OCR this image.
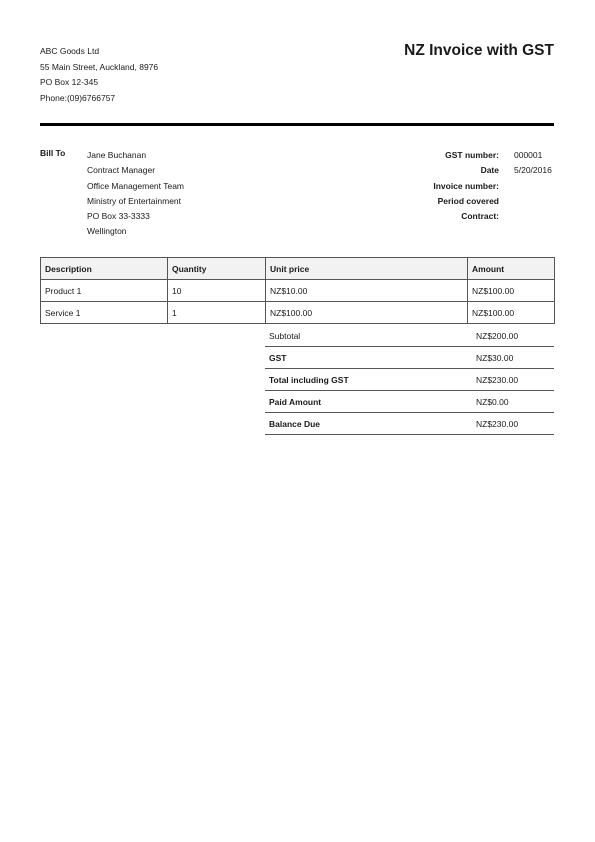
ABC Goods Ltd
55 Main Street, Auckland, 8976
PO Box 12-345
Phone:(09)6766757
NZ Invoice with GST
Bill To	Jane Buchanan
Contract Manager
Office Management Team
Ministry of Entertainment
PO Box 33-3333
Wellington
GST number:	000001
Date	5/20/2016
Invoice number:
Period covered
Contract:
Description	Quantity	Unit price	Amount
Product 1	10	NZ$10.00	NZ$100.00
Service 1	1	NZ$100.00	NZ$100.00
Subtotal	NZ$200.00
GST	NZ$30.00
Total including GST	NZ$230.00
Paid Amount	NZ$0.00
Balance Due	NZ$230.00
